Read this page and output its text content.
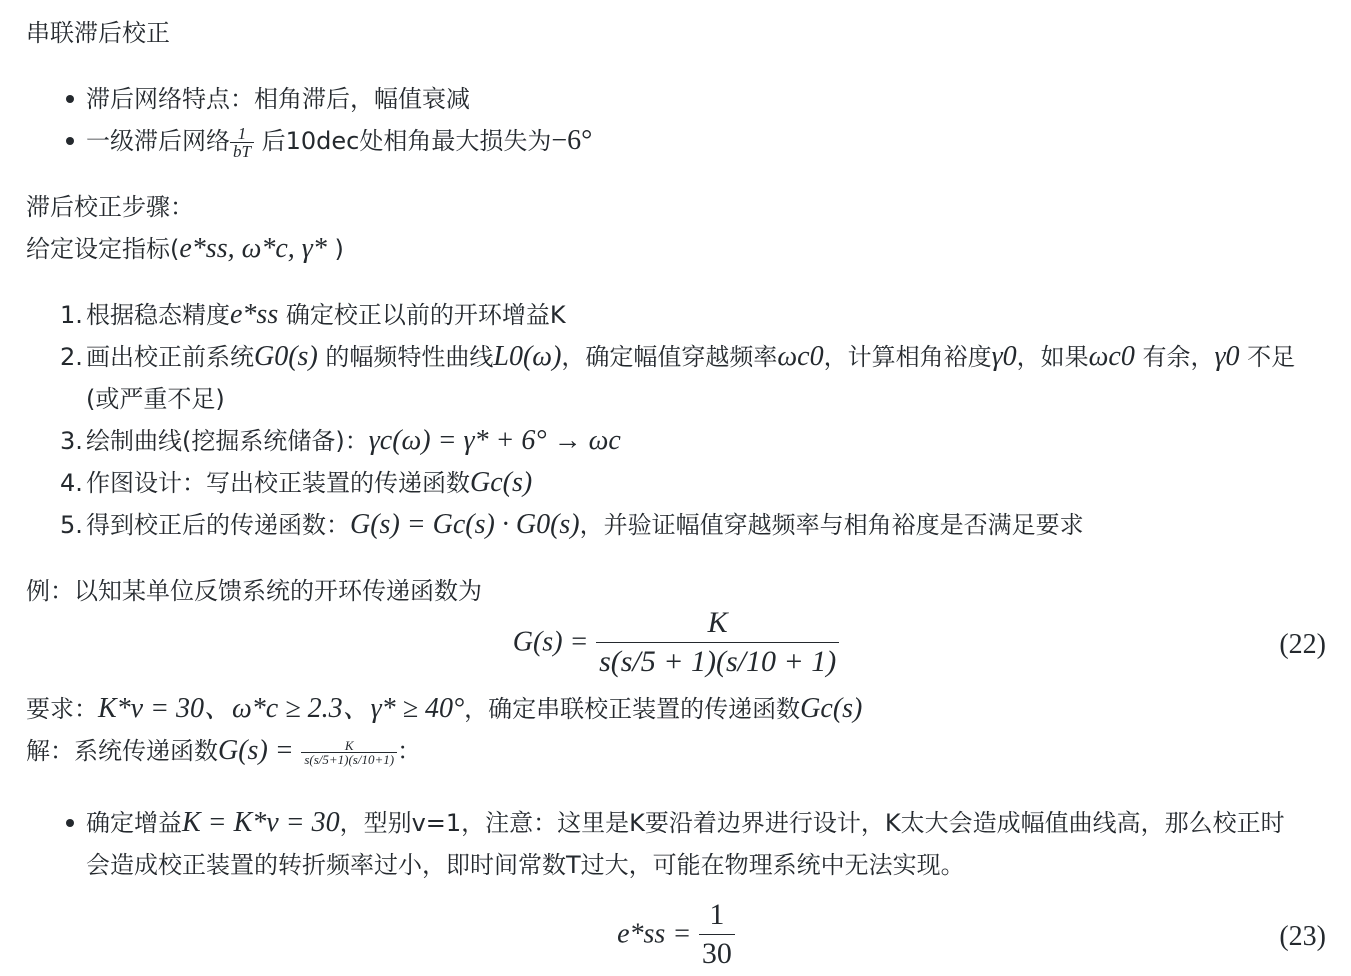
串联滞后校正
滞后网络特点：相角滞后，幅值衰减
一级滞后网络 $\frac{1}{bT}$ 后10dec处相角最大损失为−6°
滞后校正步骤：
给定设定指标(e*ss, ω*c, γ* )
1. 根据稳态精度e*ss 确定校正以前的开环增益K
2. 画出校正前系统G0(s) 的幅频特性曲线L0(ω)，确定幅值穿越频率ωc0，计算相角裕度γ0，如果ωc0 有余，γ0 不足
(或严重不足)
3. 绘制曲线(挖掘系统储备)：γc(ω) = γ* + 6° → ωc
4. 作图设计：写出校正装置的传递函数Gc(s)
5. 得到校正后的传递函数：G(s) = Gc(s) · G0(s)，并验证幅值穿越频率与相角裕度是否满足要求
例：以知某单位反馈系统的开环传递函数为
$G(s) = \frac{K}{s(s/5 + 1)(s/10 + 1)}$	(22)
要求：K*v = 30、ω*c ≥ 2.3、γ* ≥ 40°，确定串联校正装置的传递函数Gc(s)
解：系统传递函数$G(s) = \frac{K}{s(s/5+1)(s/10+1)}$ ：
确定增益K = K*v = 30，型别v=1，注意：这里是K要沿着边界进行设计，K太大会造成幅值曲线高，那么校正时
会造成校正装置的转折频率过小，即时间常数T过大，可能在物理系统中无法实现。
$e*ss = \frac{1}{30}$	(23)
